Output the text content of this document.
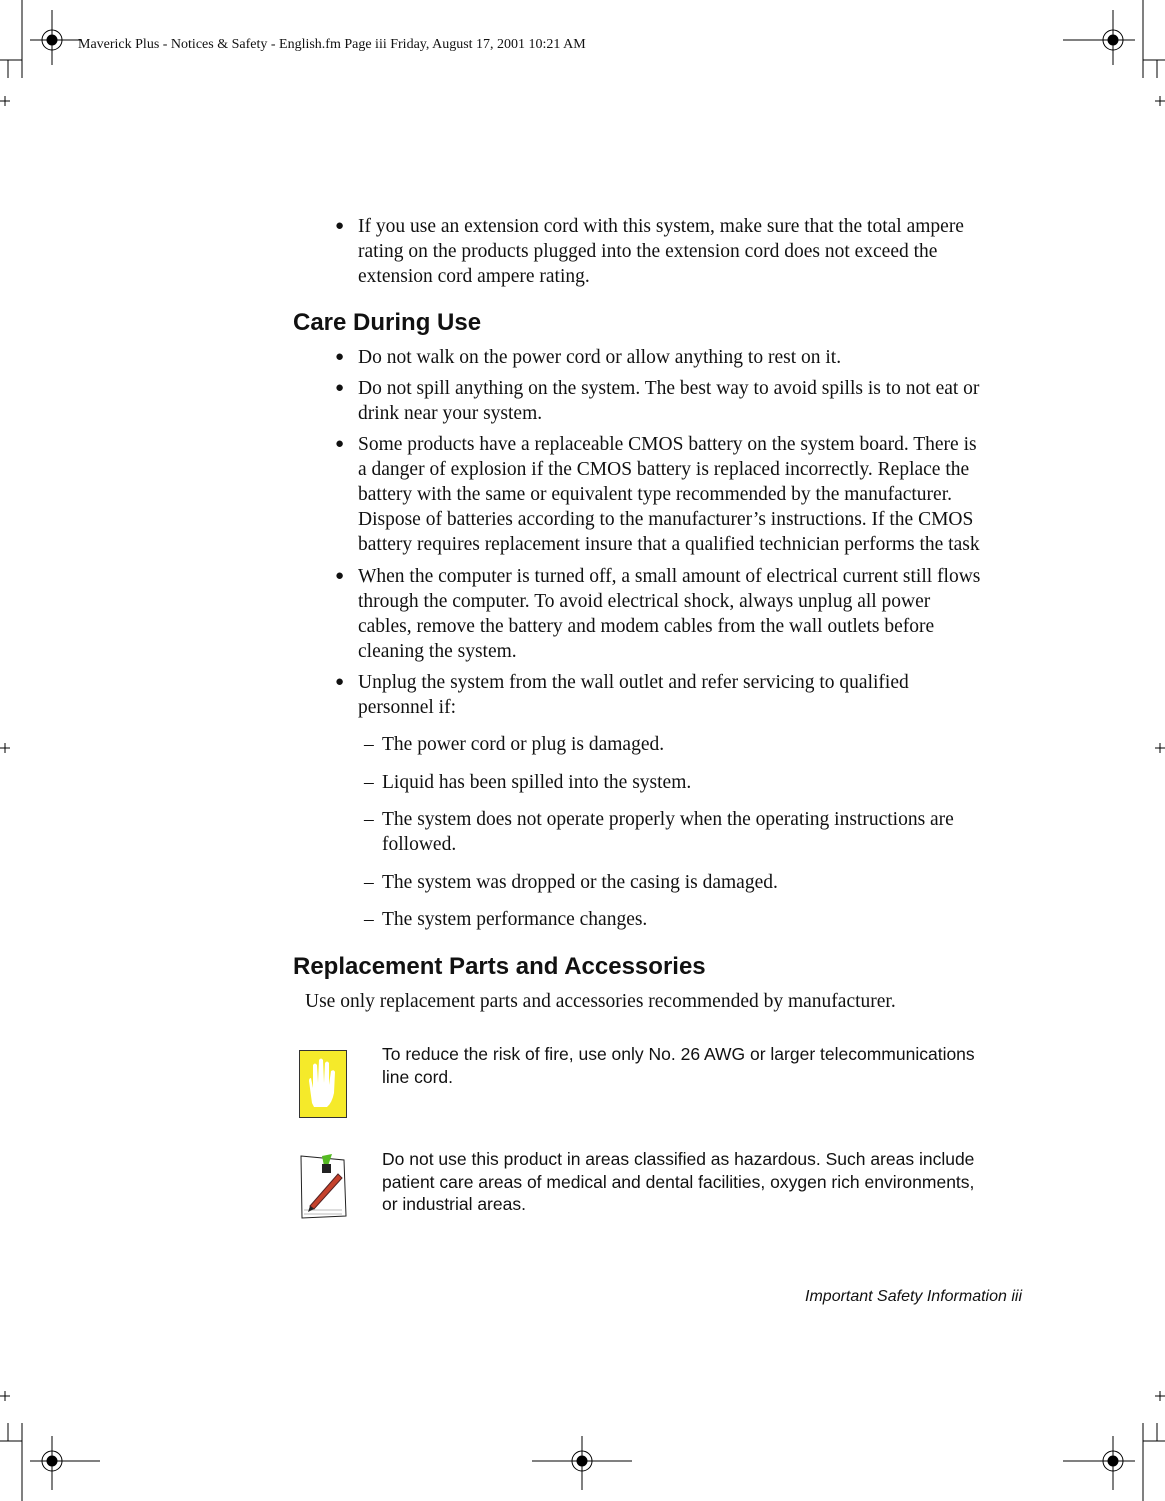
Maverick Plus - Notices & Safety - English.fm Page iii Friday, August 17, 2001 10:21 AM
● If you use an extension cord with this system, make sure that the total ampere
rating on the products plugged into the extension cord does not exceed the
extension cord ampere rating.
● Do not walk on the power cord or allow anything to rest on it.
● Do not spill anything on the system. The best way to avoid spills is to not eat or
drink near your system.
● Some products have a replaceable CMOS battery on the system board. There is
a danger of explosion if the CMOS battery is replaced incorrectly. Replace the
battery with the same or equivalent type recommended by the manufacturer.
Dispose of batteries according to the manufacturer’s instructions. If the CMOS
battery requires replacement insure that a qualified technician performs the task
● When the computer is turned off, a small amount of electrical current still flows
through the computer. To avoid electrical shock, always unplug all power
cables, remove the battery and modem cables from the wall outlets before
cleaning the system.
● Unplug the system from the wall outlet and refer servicing to qualified
personnel if:
– The power cord or plug is damaged.
– Liquid has been spilled into the system.
– The system does not operate properly when the operating instructions are
followed.
– The system was dropped or the casing is damaged.
– The system performance changes.
To reduce the risk of fire, use only No. 26 AWG or larger telecommunications
line cord.
Do not use this product in areas classified as hazardous. Such areas include
patient care areas of medical and dental facilities, oxygen rich environments,
or industrial areas.
Care During Use
Replacement Parts and Accessories
Use only replacement parts and accessories recommended by manufacturer.
Important Safety Information iii
